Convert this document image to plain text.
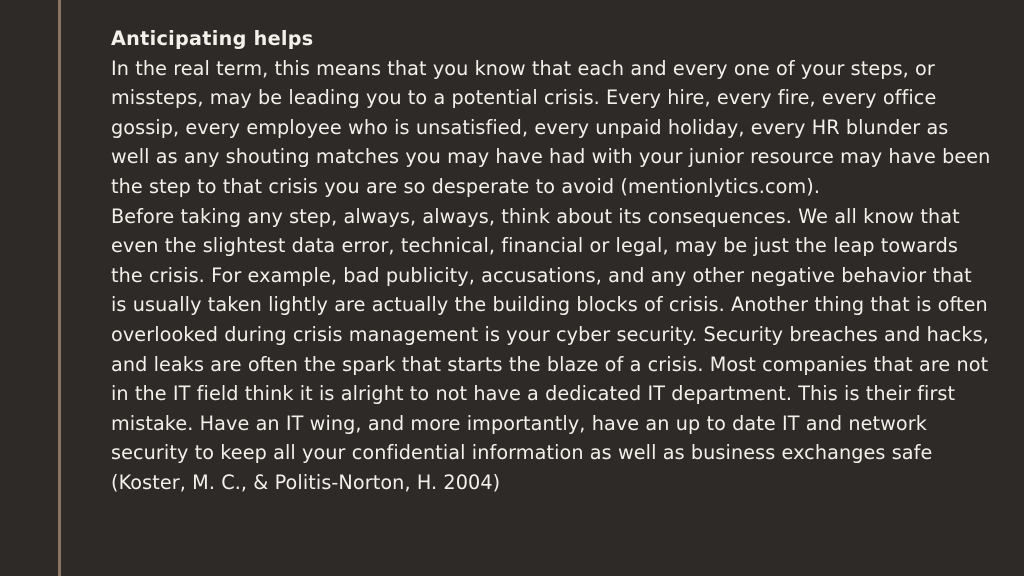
Anticipating helps

In the real term, this means that you know that each and every one of your steps, or missteps, may be leading you to a potential crisis. Every hire, every fire, every office gossip, every employee who is unsatisfied, every unpaid holiday, every HR blunder as well as any shouting matches you may have had with your junior resource may have been the step to that crisis you are so desperate to avoid (mentionlytics.com).

Before taking any step, always, always, think about its consequences. We all know that even the slightest data error, technical, financial or legal, may be just the leap towards the crisis. For example, bad publicity, accusations, and any other negative behavior that is usually taken lightly are actually the building blocks of crisis. Another thing that is often overlooked during crisis management is your cyber security. Security breaches and hacks, and leaks are often the spark that starts the blaze of a crisis. Most companies that are not in the IT field think it is alright to not have a dedicated IT department. This is their first mistake. Have an IT wing, and more importantly, have an up to date IT and network security to keep all your confidential information as well as business exchanges safe (Koster, M. C., & Politis-Norton, H. 2004)
